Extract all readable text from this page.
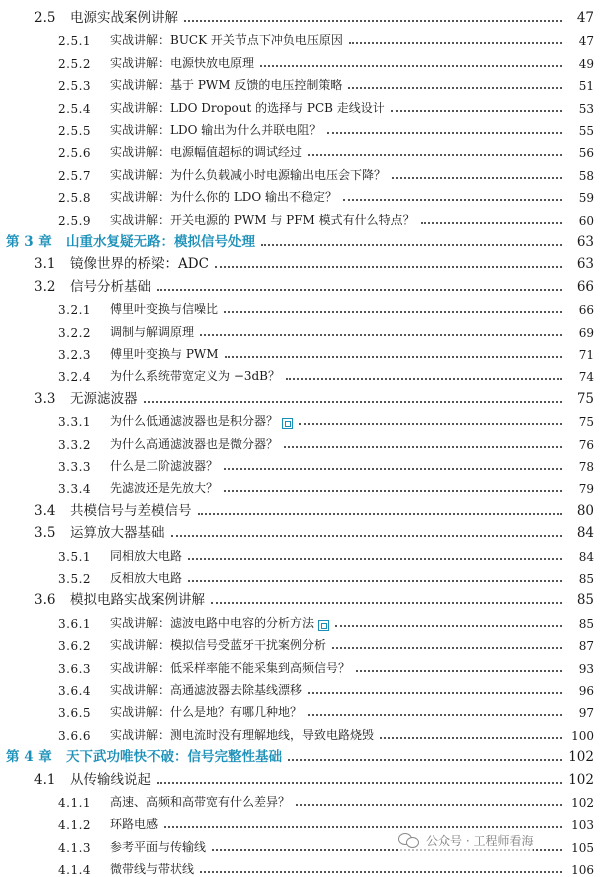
2.5	电源实战案例讲解	47
2.5.1	实战讲解：BUCK 开关节点下冲负电压原因	47
2.5.2	实战讲解：电源快放电原理	49
2.5.3	实战讲解：基于 PWM 反馈的电压控制策略	51
2.5.4	实战讲解：LDO Dropout 的选择与 PCB 走线设计	53
2.5.5	实战讲解：LDO 输出为什么并联电阻？	55
2.5.6	实战讲解：电源幅值超标的调试经过	56
2.5.7	实战讲解：为什么负载减小时电源输出电压会下降？	58
2.5.8	实战讲解：为什么你的 LDO 输出不稳定？	59
2.5.9	实战讲解：开关电源的 PWM 与 PFM 模式有什么特点？	60
第 3 章	山重水复疑无路：模拟信号处理	63
3.1	镜像世界的桥梁：ADC	63
3.2	信号分析基础	66
3.2.1	傅里叶变换与信噪比	66
3.2.2	调制与解调原理	69
3.2.3	傅里叶变换与 PWM	71
3.2.4	为什么系统带宽定义为 −3dB？	74
3.3	无源滤波器	75
3.3.1	为什么低通滤波器也是积分器？	75
3.3.2	为什么高通滤波器也是微分器？	76
3.3.3	什么是二阶滤波器？	78
3.3.4	先滤波还是先放大？	79
3.4	共模信号与差模信号	80
3.5	运算放大器基础	84
3.5.1	同相放大电路	84
3.5.2	反相放大电路	85
3.6	模拟电路实战案例讲解	85
3.6.1	实战讲解：滤波电路中电容的分析方法	85
3.6.2	实战讲解：模拟信号受蓝牙干扰案例分析	87
3.6.3	实战讲解：低采样率能不能采集到高频信号？	93
3.6.4	实战讲解：高通滤波器去除基线漂移	96
3.6.5	实战讲解：什么是地？有哪几种地？	97
3.6.6	实战讲解：测电流时没有理解地线，导致电路烧毁	100
第 4 章	天下武功唯快不破：信号完整性基础	102
4.1	从传输线说起	102
4.1.1	高速、高频和高带宽有什么差异？	102
4.1.2	环路电感	103
4.1.3	参考平面与传输线	105
4.1.4	微带线与带状线	106
公众号 · 工程师看海
